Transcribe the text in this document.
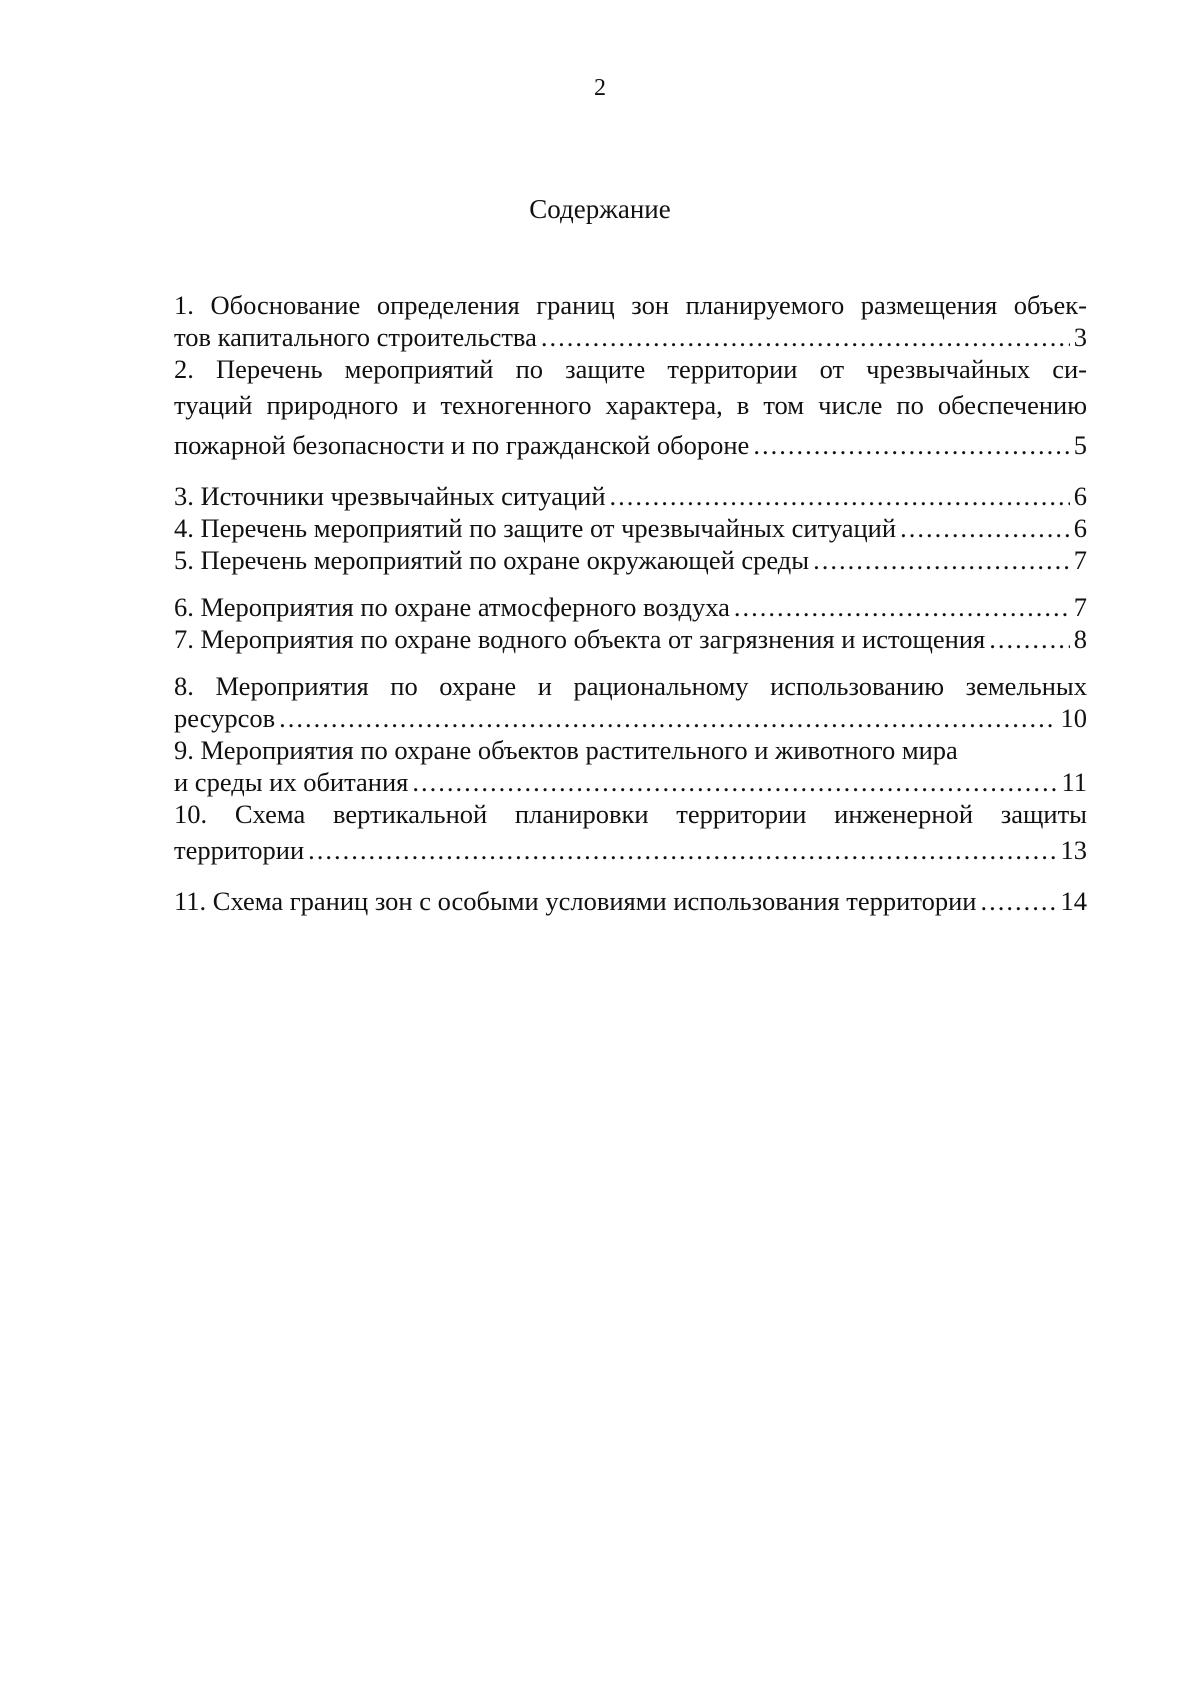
2
Содержание
1. Обоснование определения границ зон планируемого размещения объек-
тов капитального строительства .....	3
2. Перечень мероприятий по защите территории от чрезвычайных си-
туаций природного и техногенного характера, в том числе по обеспечению
пожарной безопасности и по гражданской обороне .....	5
3. Источники чрезвычайных ситуаций .....	6
4. Перечень мероприятий по защите от чрезвычайных ситуаций .....	6
5. Перечень мероприятий по охране окружающей среды .....	7
6. Мероприятия по охране атмосферного воздуха .....	7
7. Мероприятия по охране водного объекта от загрязнения и истощения .....	8
8. Мероприятия по охране и рациональному использованию земельных
ресурсов .....	10
9. Мероприятия по охране объектов растительного и животного мира
и среды их обитания .....	11
10. Схема вертикальной планировки территории инженерной защиты
территории .....	13
11. Схема границ зон с особыми условиями использования территории .....	14
